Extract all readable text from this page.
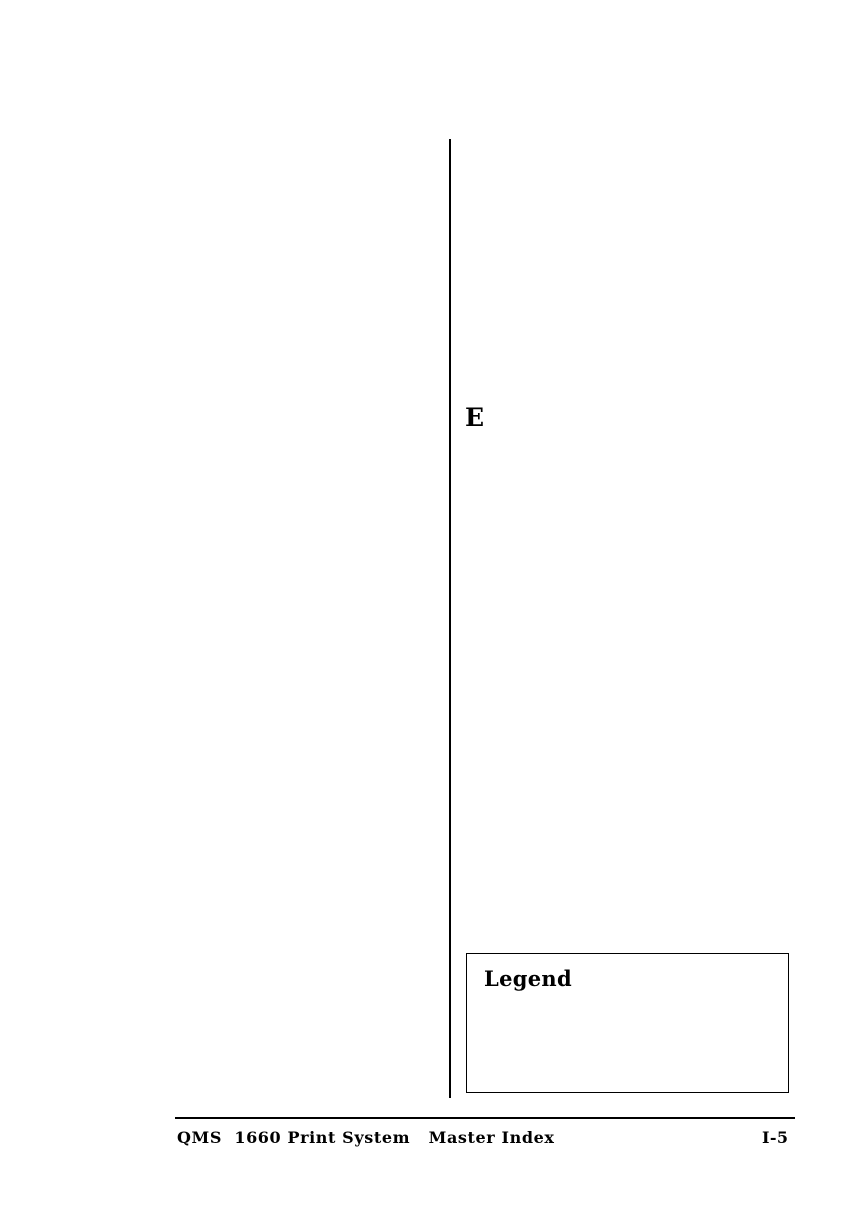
E
Legend
QMS  1660 Print System   Master Index	I-5
